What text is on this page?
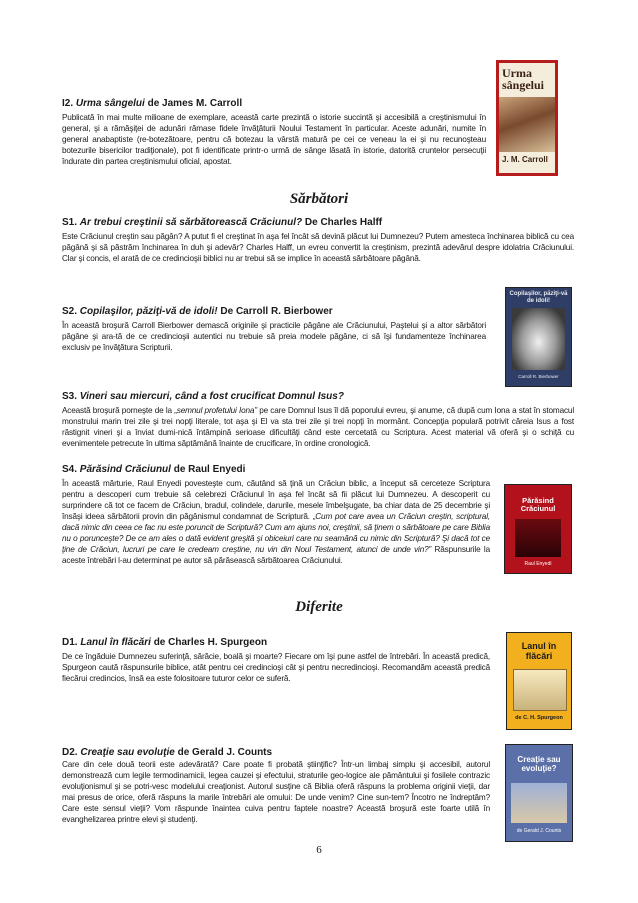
I2. Urma sângelui de James M. Carroll
Publicată în mai multe milioane de exemplare, această carte prezintă o istorie succintă şi accesibilă a creştinismului în general, şi a rămăşiţei de adunări rămase fidele învăţăturii Noului Testament în particular. Aceste adunări, numite în general anabaptiste (re-botezătoare, pentru că botezau la vârstă matură pe cei ce veneau la ei şi nu recunoşteau botezurile bisericilor tradiţionale), pot fi identificate printr-o urmă de sânge lăsată în istorie, datorită cruntelor persecuţii îndurate din partea creştinismului oficial, apostat.
Urma sângelui
J. M. Carroll
Sărbători
S1. Ar trebui creştinii să sărbătorească Crăciunul? De Charles Halff
Este Crăciunul creştin sau păgân? A putut fi el creştinat în aşa fel încât să devină plăcut lui Dumnezeu? Putem amesteca închinarea biblică cu cea păgână şi să păstrăm închinarea în duh şi adevăr? Charles Halff, un evreu convertit la creştinism, prezintă adevărul despre idolatria Crăciunului. Clar şi concis, el arată de ce credincioşii biblici nu ar trebui să se implice în această sărbătoare păgână.
S2. Copilaşilor, păziţi-vă de idoli! De Carroll R. Bierbower
În această broşură Carroll Bierbower demască originile şi practicile păgâne ale Crăciunului, Paştelui şi a altor sărbători păgâne şi ara-tă de ce credincioşii autentici nu trebuie să preia modele păgâne, ci să îşi fundamenteze închinarea exclusiv pe învăţătura Scripturii.
Copilaşilor, păziţi-vă de idoli!
Carroll R. Bierbower
S3. Vineri sau miercuri, când a fost crucificat Domnul Isus?
Această broşură porneşte de la „semnul profetului Iona” pe care Domnul Isus îl dă poporului evreu, şi anume, că după cum Iona a stat în stomacul monstrului marin trei zile şi trei nopţi literale, tot aşa şi El va sta trei zile şi trei nopţi în mormânt. Concepţia populară potrivit căreia Isus a fost răstignit vineri şi a înviat dumi-nică întâmpină serioase dificultăţi când este cercetată cu Scriptura. Acest material vă oferă şi o schiţă cu evenimentele petrecute în ultima săptămână înainte de crucificare, în ordine cronologică.
S4. Părăsind Crăciunul de Raul Enyedi
În această mărturie, Raul Enyedi povesteşte cum, căutând să ţină un Crăciun biblic, a început să cerceteze Scriptura pentru a descoperi cum trebuie să celebrezi Crăciunul în aşa fel încât să fii plăcut lui Dumnezeu. A descoperit cu surprindere că tot ce facem de Crăciun, bradul, colindele, darurile, mesele îmbelşugate, ba chiar data de 25 decembrie şi însăşi ideea sărbătorii provin din păgânismul condamnat de Scriptură. „Cum pot care avea un Crăciun creştin, scriptural, dacă nimic din ceea ce fac nu este poruncit de Scriptură? Cum am ajuns noi, creştinii, să ţinem o sărbătoare pe care Biblia nu o porunceşte? De ce am ales o dată evident greşită şi obiceiuri care nu seamănă cu nimic din Scriptură? Şi dacă tot ce ţine de Crăciun, lucruri pe care le credeam creştine, nu vin din Noul Testament, atunci de unde vin?” Răspunsurile la aceste întrebări l-au determinat pe autor să părăsească sărbătoarea Crăciunului.
Părăsind Crăciunul
Raul Enyedi
Diferite
D1. Lanul în flăcări de Charles H. Spurgeon
De ce îngăduie Dumnezeu suferinţă, sărăcie, boală şi moarte? Fiecare om îşi pune astfel de întrebări. În această predică, Spurgeon caută răspunsurile biblice, atât pentru cei credincioşi cât şi pentru necredincioşi. Recomandăm această predică fiecărui credincios, însă ea este folositoare tuturor celor ce suferă.
Lanul în flăcări
de C. H. Spurgeon
D2. Creaţie sau evoluţie de Gerald J. Counts
Care din cele două teorii este adevărată? Care poate fi probată ştiinţific? Într-un limbaj simplu şi accesibil, autorul demonstrează cum legile termodinamicii, legea cauzei şi efectului, straturile geo-logice ale pământului şi fosilele contrazic evoluţionismul şi se potri-vesc modelului creaţionist. Autorul susţine că Biblia oferă răspuns la problema originii vieţii, dar mai presus de orice, oferă răspuns la marile întrebări ale omului: De unde venim? Cine sun-tem? Încotro ne îndreptăm? Care este sensul vieţii? Vom răspunde înaintea cuiva pentru faptele noastre? Această broşură este foarte utilă în evanghelizarea printre elevi şi studenţi.
Creaţie sau evoluţie?
de Gerald J. Counts
6
